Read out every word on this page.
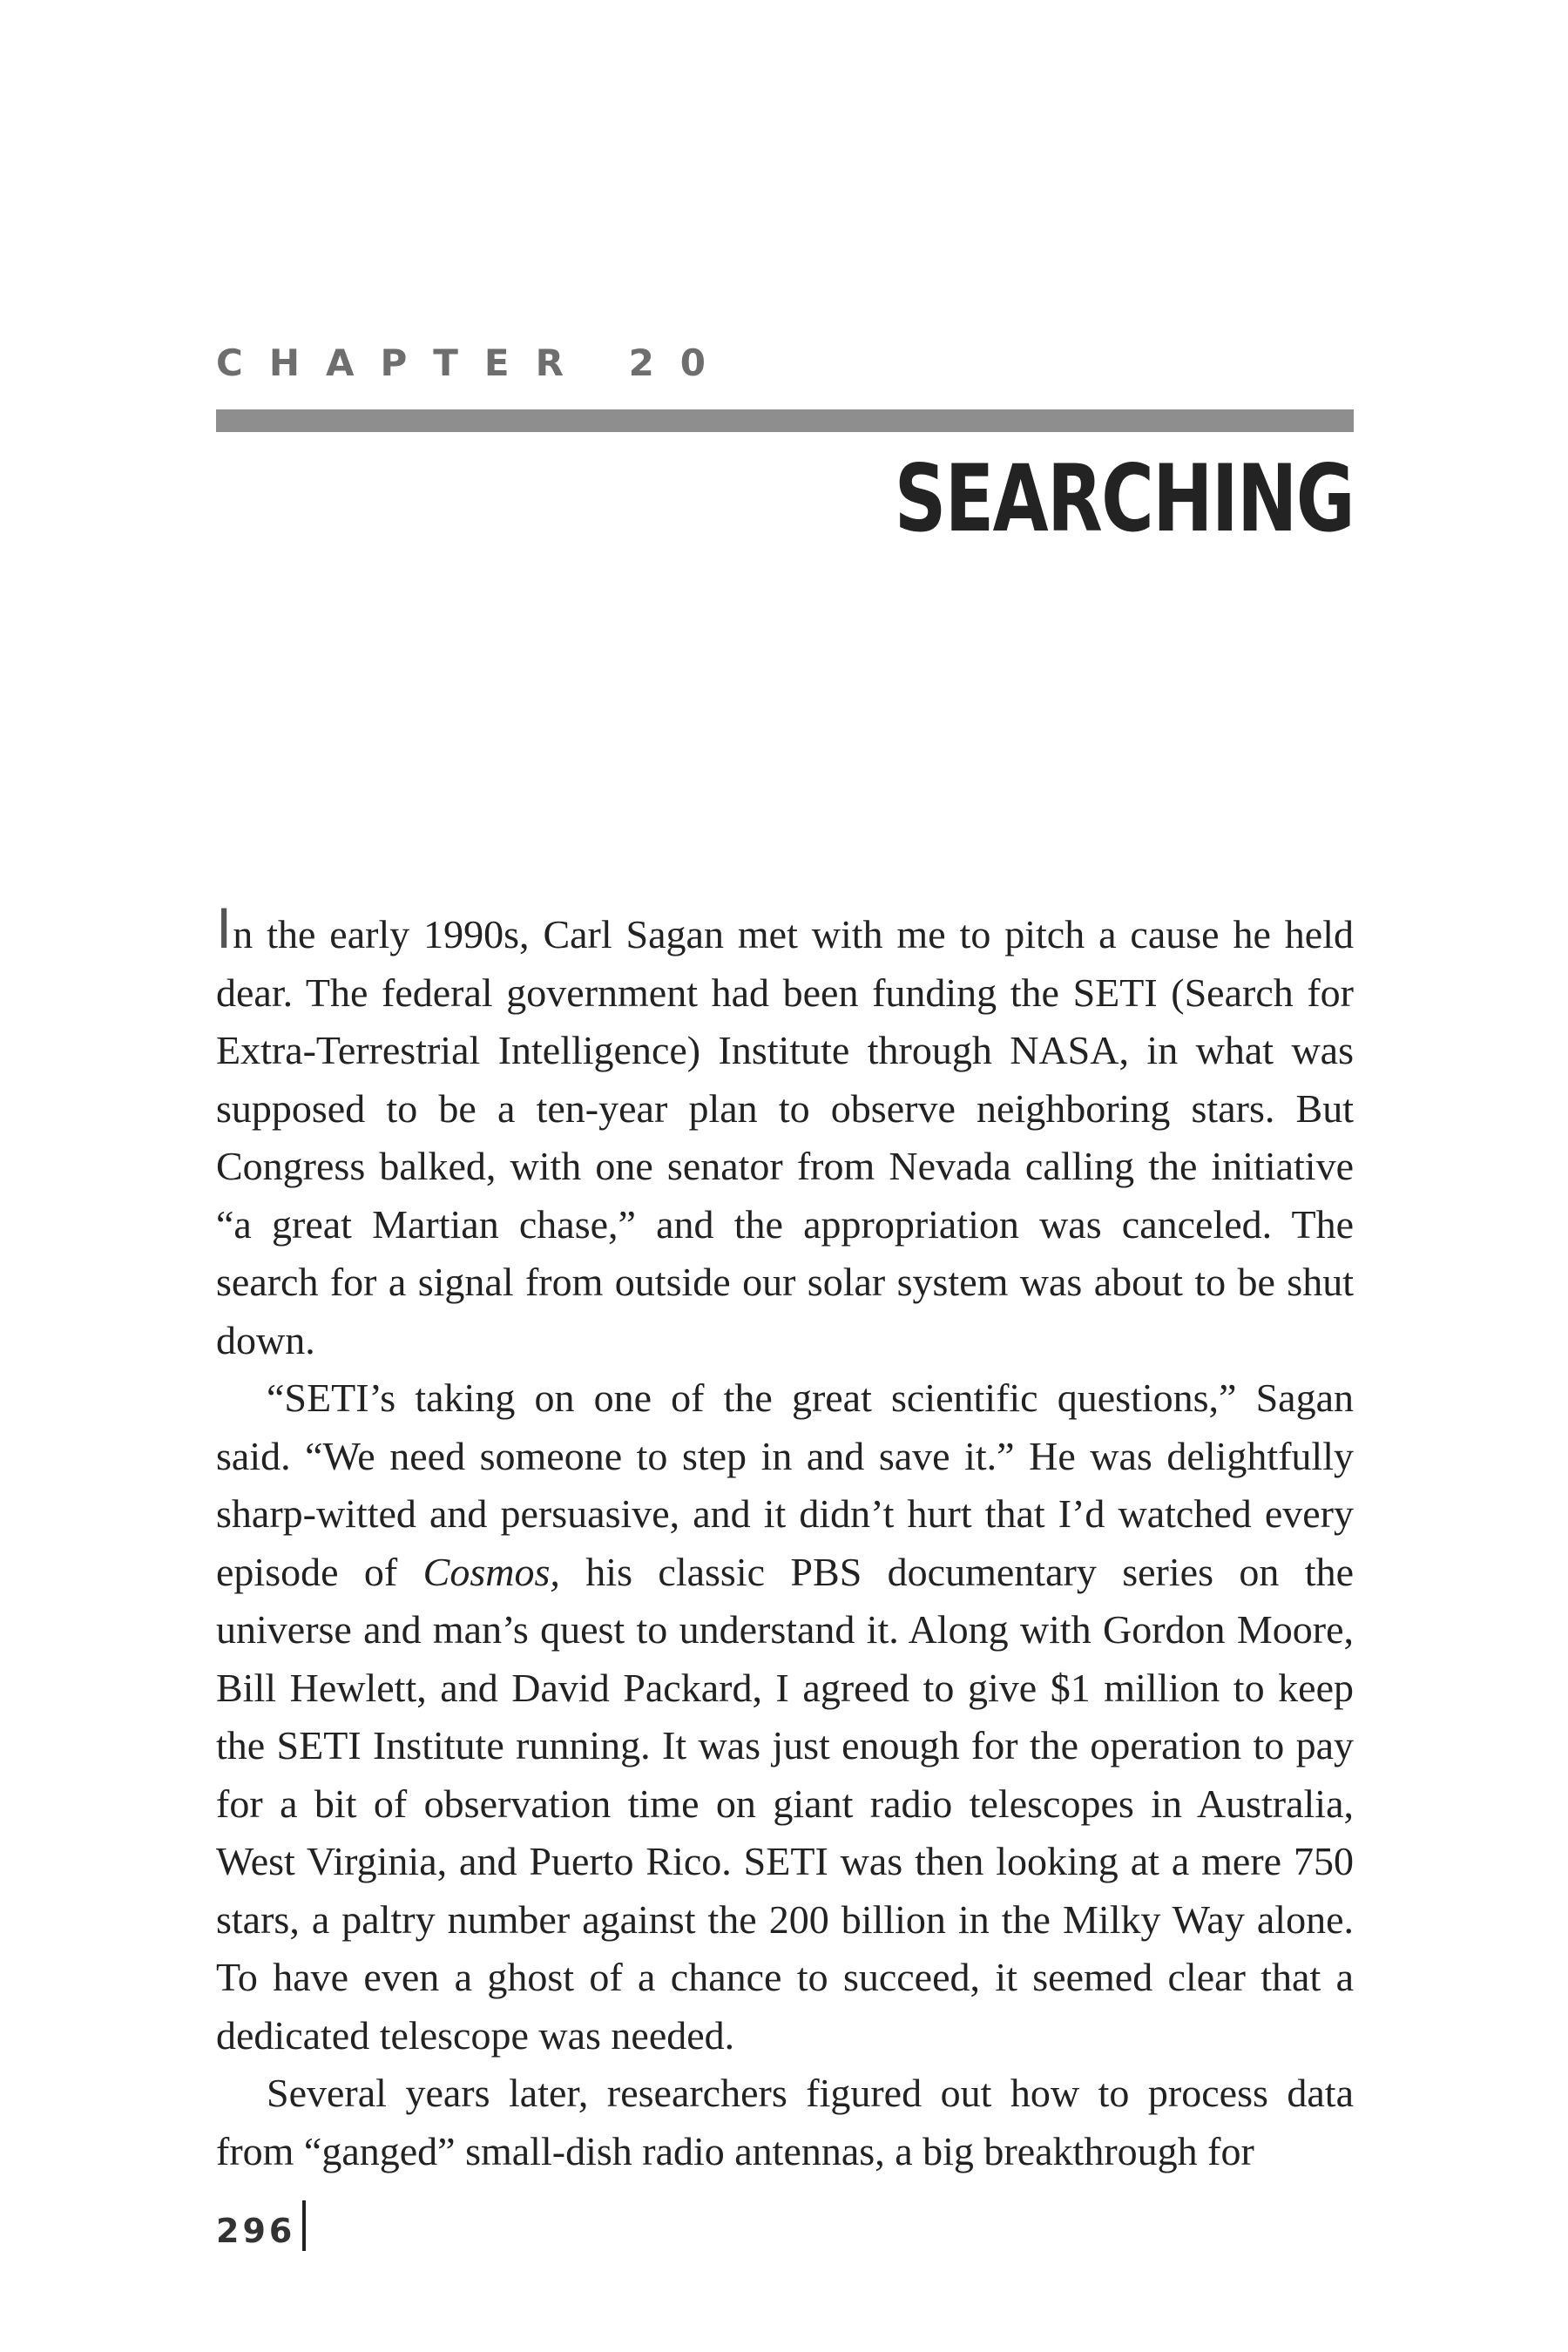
CHAPTER 20
SEARCHING

In the early 1990s, Carl Sagan met with me to pitch a cause he held dear. The federal government had been funding the SETI (Search for Extra-Terrestrial Intelligence) Institute through NASA, in what was supposed to be a ten-year plan to observe neighboring stars. But Congress balked, with one senator from Nevada calling the initiative “a great Martian chase,” and the appropriation was canceled. The search for a signal from outside our solar system was about to be shut down.

“SETI’s taking on one of the great scientific questions,” Sagan said. “We need someone to step in and save it.” He was delightfully sharp-witted and persuasive, and it didn’t hurt that I’d watched every episode of Cosmos, his classic PBS documentary series on the universe and man’s quest to understand it. Along with Gordon Moore, Bill Hewlett, and David Packard, I agreed to give $1 million to keep the SETI Institute running. It was just enough for the operation to pay for a bit of observation time on giant radio telescopes in Australia, West Virginia, and Puerto Rico. SETI was then looking at a mere 750 stars, a paltry number against the 200 billion in the Milky Way alone. To have even a ghost of a chance to succeed, it seemed clear that a dedicated telescope was needed.

Several years later, researchers figured out how to process data from “ganged” small-dish radio antennas, a big breakthrough for

296
